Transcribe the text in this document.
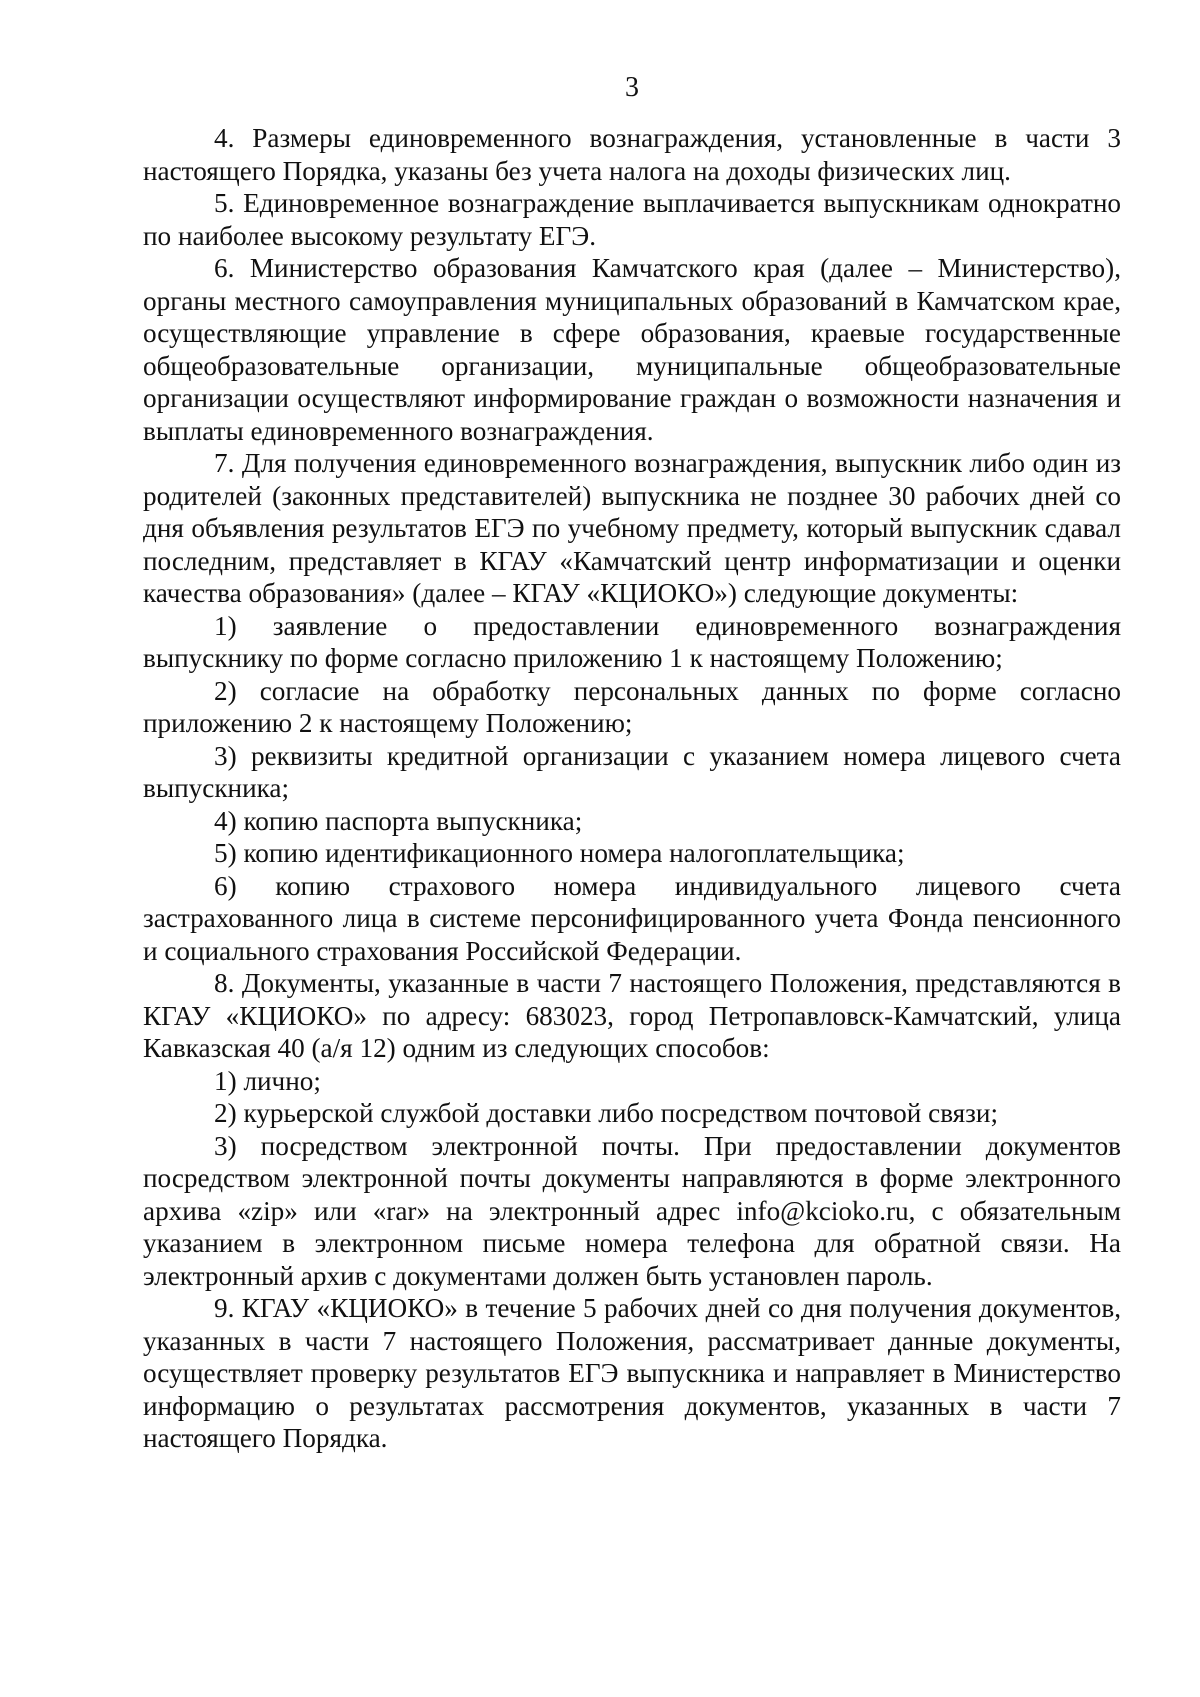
3

4. Размеры единовременного вознаграждения, установленные в части 3 настоящего Порядка, указаны без учета налога на доходы физических лиц.

5. Единовременное вознаграждение выплачивается выпускникам однократно по наиболее высокому результату ЕГЭ.

6. Министерство образования Камчатского края (далее – Министерство), органы местного самоуправления муниципальных образований в Камчатском крае, осуществляющие управление в сфере образования, краевые государственные общеобразовательные организации, муниципальные общеобразовательные организации осуществляют информирование граждан о возможности назначения и выплаты единовременного вознаграждения.

7. Для получения единовременного вознаграждения, выпускник либо один из родителей (законных представителей) выпускника не позднее 30 рабочих дней со дня объявления результатов ЕГЭ по учебному предмету, который выпускник сдавал последним, представляет в КГАУ «Камчатский центр информатизации и оценки качества образования» (далее – КГАУ «КЦИОКО») следующие документы:

1) заявление о предоставлении единовременного вознаграждения выпускнику по форме согласно приложению 1 к настоящему Положению;

2) согласие на обработку персональных данных по форме согласно приложению 2 к настоящему Положению;

3) реквизиты кредитной организации с указанием номера лицевого счета выпускника;

4) копию паспорта выпускника;

5) копию идентификационного номера налогоплательщика;

6) копию страхового номера индивидуального лицевого счета застрахованного лица в системе персонифицированного учета Фонда пенсионного и социального страхования Российской Федерации.

8. Документы, указанные в части 7 настоящего Положения, представляются в КГАУ «КЦИОКО» по адресу: 683023, город Петропавловск-Камчатский, улица Кавказская 40 (а/я 12) одним из следующих способов:

1) лично;

2) курьерской службой доставки либо посредством почтовой связи;

3) посредством электронной почты. При предоставлении документов посредством электронной почты документы направляются в форме электронного архива «zip» или «rar» на электронный адрес info@kcioko.ru, с обязательным указанием в электронном письме номера телефона для обратной связи. На электронный архив с документами должен быть установлен пароль.

9. КГАУ «КЦИОКО» в течение 5 рабочих дней со дня получения документов, указанных в части 7 настоящего Положения, рассматривает данные документы, осуществляет проверку результатов ЕГЭ выпускника и направляет в Министерство информацию о результатах рассмотрения документов, указанных в части 7 настоящего Порядка.
